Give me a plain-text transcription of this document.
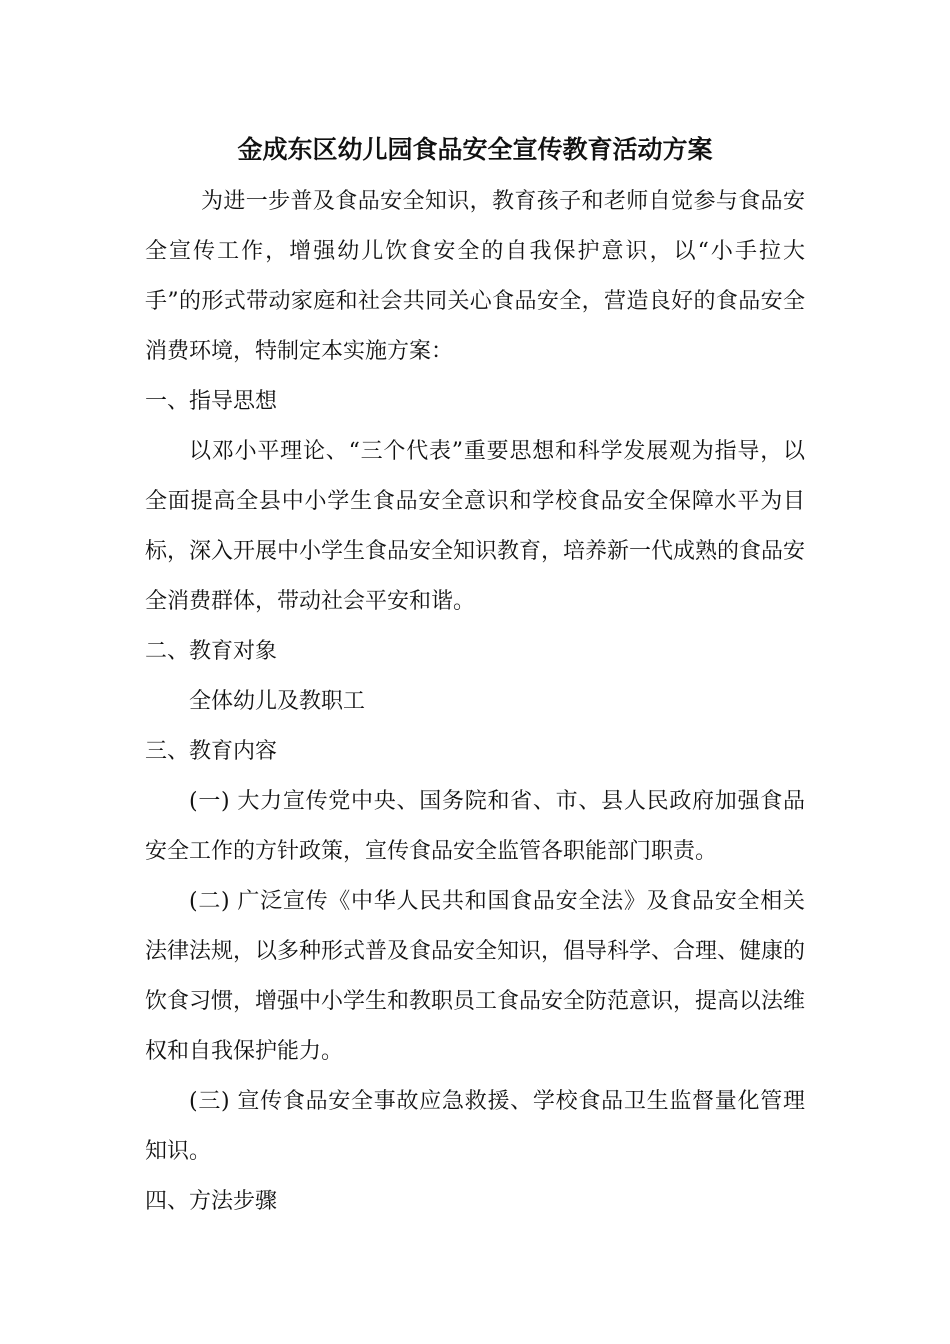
金成东区幼儿园食品安全宣传教育活动方案

为进一步普及食品安全知识，教育孩子和老师自觉参与食品安全宣传工作，增强幼儿饮食安全的自我保护意识，以“小手拉大手”的形式带动家庭和社会共同关心食品安全，营造良好的食品安全消费环境，特制定本实施方案：

一、指导思想

以邓小平理论、“三个代表”重要思想和科学发展观为指导，以全面提高全县中小学生食品安全意识和学校食品安全保障水平为目标，深入开展中小学生食品安全知识教育，培养新一代成熟的食品安全消费群体，带动社会平安和谐。

二、教育对象

全体幼儿及教职工

三、教育内容

(一) 大力宣传党中央、国务院和省、市、县人民政府加强食品安全工作的方针政策，宣传食品安全监管各职能部门职责。

(二) 广泛宣传《中华人民共和国食品安全法》及食品安全相关法律法规，以多种形式普及食品安全知识，倡导科学、合理、健康的饮食习惯，增强中小学生和教职员工食品安全防范意识，提高以法维权和自我保护能力。

(三) 宣传食品安全事故应急救援、学校食品卫生监督量化管理知识。

四、方法步骤
